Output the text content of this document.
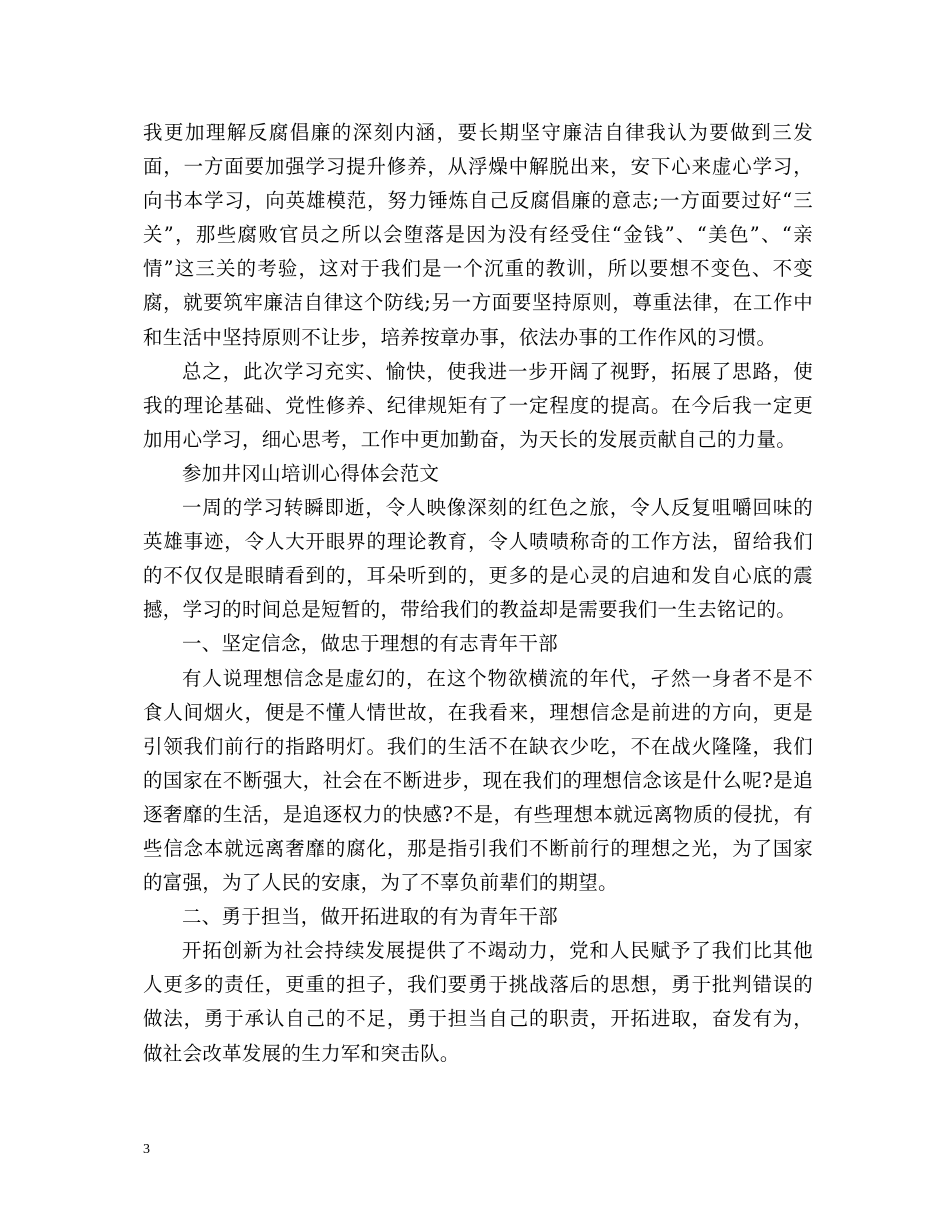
我更加理解反腐倡廉的深刻内涵，要长期坚守廉洁自律我认为要做到三发面，一方面要加强学习提升修养，从浮燥中解脱出来，安下心来虚心学习，向书本学习，向英雄模范，努力锤炼自己反腐倡廉的意志;一方面要过好“三关”，那些腐败官员之所以会堕落是因为没有经受住“金钱”、“美色”、“亲情”这三关的考验，这对于我们是一个沉重的教训，所以要想不变色、不变腐，就要筑牢廉洁自律这个防线;另一方面要坚持原则，尊重法律，在工作中和生活中坚持原则不让步，培养按章办事，依法办事的工作作风的习惯。

总之，此次学习充实、愉快，使我进一步开阔了视野，拓展了思路，使我的理论基础、党性修养、纪律规矩有了一定程度的提高。在今后我一定更加用心学习，细心思考，工作中更加勤奋，为天长的发展贡献自己的力量。

参加井冈山培训心得体会范文

一周的学习转瞬即逝，令人映像深刻的红色之旅，令人反复咀嚼回味的英雄事迹，令人大开眼界的理论教育，令人啧啧称奇的工作方法，留给我们的不仅仅是眼睛看到的，耳朵听到的，更多的是心灵的启迪和发自心底的震撼，学习的时间总是短暂的，带给我们的教益却是需要我们一生去铭记的。

一、坚定信念，做忠于理想的有志青年干部

有人说理想信念是虚幻的，在这个物欲横流的年代，孑然一身者不是不食人间烟火，便是不懂人情世故，在我看来，理想信念是前进的方向，更是引领我们前行的指路明灯。我们的生活不在缺衣少吃，不在战火隆隆，我们的国家在不断强大，社会在不断进步，现在我们的理想信念该是什么呢?是追逐奢靡的生活，是追逐权力的快感?不是，有些理想本就远离物质的侵扰，有些信念本就远离奢靡的腐化，那是指引我们不断前行的理想之光，为了国家的富强，为了人民的安康，为了不辜负前辈们的期望。

二、勇于担当，做开拓进取的有为青年干部

开拓创新为社会持续发展提供了不竭动力，党和人民赋予了我们比其他人更多的责任，更重的担子，我们要勇于挑战落后的思想，勇于批判错误的做法，勇于承认自己的不足，勇于担当自己的职责，开拓进取，奋发有为，做社会改革发展的生力军和突击队。

3
